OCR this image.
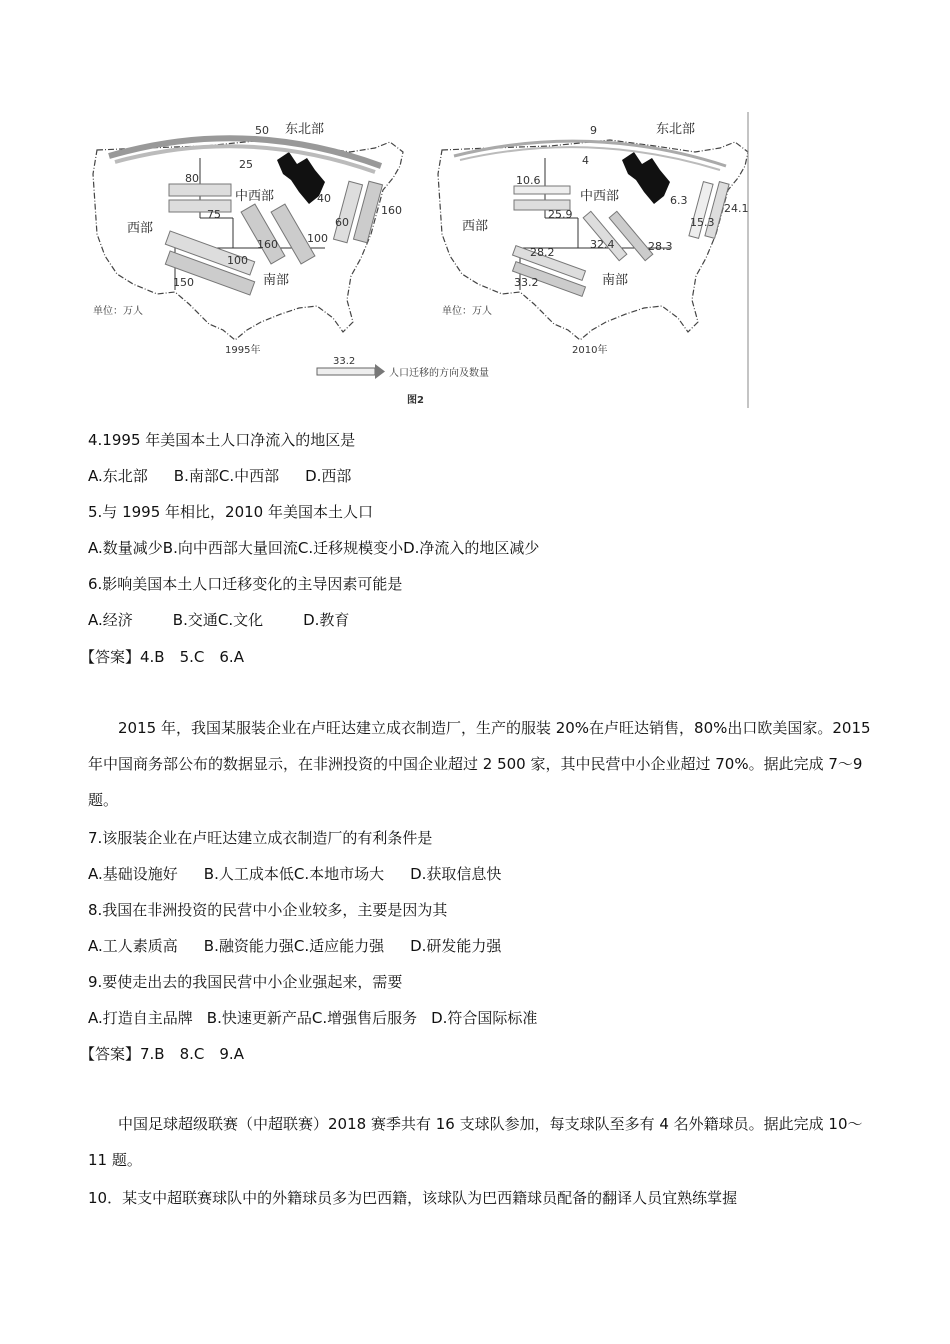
东北部
中西部
西部
南部
50
25
80
75
100
150
160	100
160
40
60
单位：万人
1995年
东北部
中西部
西部
南部
9
4
10.6
25.9
32.4	28.3
28.2
33.2
24.1
15.3
6.3
单位：万人
2010年
33.2
人口迁移的方向及数量
图2
4.1995 年美国本土人口净流入的地区是
A.东北部 B.南部C.中西部 D.西部
5.与 1995 年相比，2010 年美国本土人口
A.数量减少B.向中西部大量回流C.迁移规模变小D.净流入的地区减少
6.影响美国本土人口迁移变化的主导因素可能是
A.经济	B.交通C.文化	D.教育
【答案】4.B　5.C　6.A
2015 年，我国某服装企业在卢旺达建立成衣制造厂，生产的服装 20%在卢旺达销售，80%出口欧美国家。2015 年中国商务部公布的数据显示，在非洲投资的中国企业超过 2 500 家，其中民营中小企业超过 70%。据此完成 7～9 题。
7.该服装企业在卢旺达建立成衣制造厂的有利条件是
A.基础设施好 B.人工成本低C.本地市场大 D.获取信息快
8.我国在非洲投资的民营中小企业较多，主要是因为其
A.工人素质高 B.融资能力强C.适应能力强 D.研发能力强
9.要使走出去的我国民营中小企业强起来，需要
A.打造自主品牌 B.快速更新产品C.增强售后服务 D.符合国际标准
【答案】7.B　8.C　9.A
中国足球超级联赛（中超联赛）2018 赛季共有 16 支球队参加，每支球队至多有 4 名外籍球员。据此完成 10～11 题。
10．某支中超联赛球队中的外籍球员多为巴西籍，该球队为巴西籍球员配备的翻译人员宜熟练掌握
